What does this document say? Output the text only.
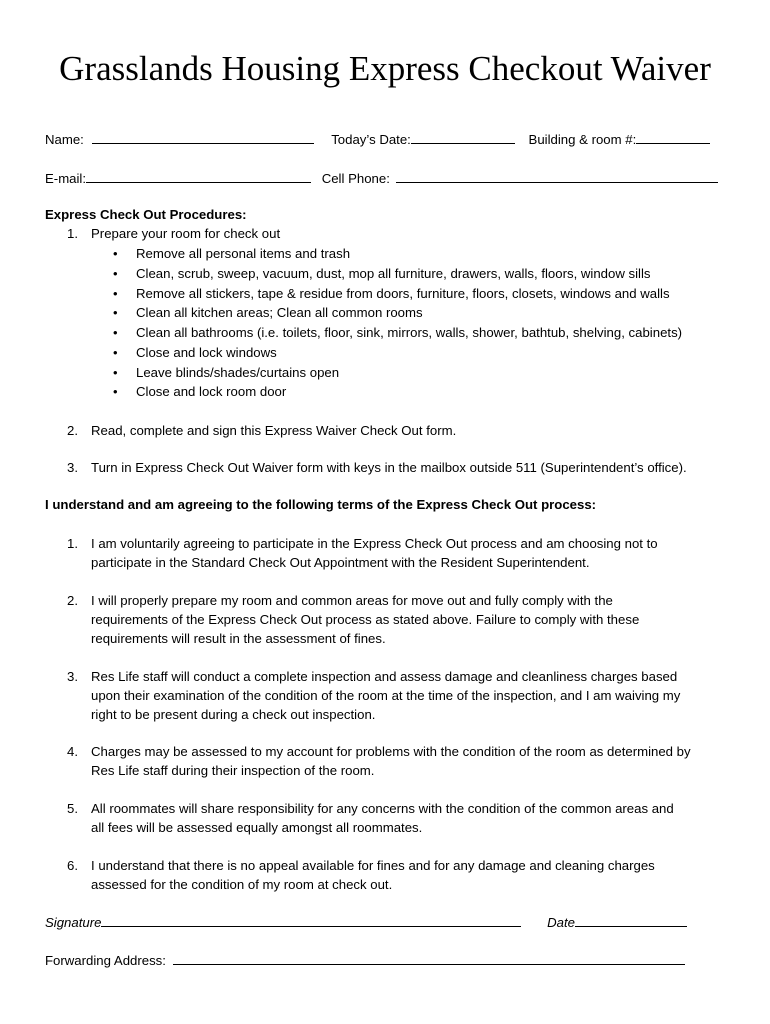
Grasslands Housing Express Checkout Waiver
Name:	Today’s Date:	Building & room #:
E-mail:	Cell Phone:
Express Check Out Procedures:
1. Prepare your room for check out
• Remove all personal items and trash
• Clean, scrub, sweep, vacuum, dust, mop all furniture, drawers, walls, floors, window sills
• Remove all stickers, tape & residue from doors, furniture, floors, closets, windows and walls
• Clean all kitchen areas; Clean all common rooms
• Clean all bathrooms (i.e. toilets, floor, sink, mirrors, walls, shower, bathtub, shelving, cabinets)
• Close and lock windows
• Leave blinds/shades/curtains open
• Close and lock room door
2. Read, complete and sign this Express Waiver Check Out form.
3. Turn in Express Check Out Waiver form with keys in the mailbox outside 511 (Superintendent’s office).
I understand and am agreeing to the following terms of the Express Check Out process:
1. I am voluntarily agreeing to participate in the Express Check Out process and am choosing not to
participate in the Standard Check Out Appointment with the Resident Superintendent.
2. I will properly prepare my room and common areas for move out and fully comply with the
requirements of the Express Check Out process as stated above. Failure to comply with these
requirements will result in the assessment of fines.
3. Res Life staff will conduct a complete inspection and assess damage and cleanliness charges based
upon their examination of the condition of the room at the time of the inspection, and I am waiving my
right to be present during a check out inspection.
4. Charges may be assessed to my account for problems with the condition of the room as determined by
Res Life staff during their inspection of the room.
5. All roommates will share responsibility for any concerns with the condition of the common areas and
all fees will be assessed equally amongst all roommates.
6. I understand that there is no appeal available for fines and for any damage and cleaning charges
assessed for the condition of my room at check out.
Signature	Date
Forwarding Address:
